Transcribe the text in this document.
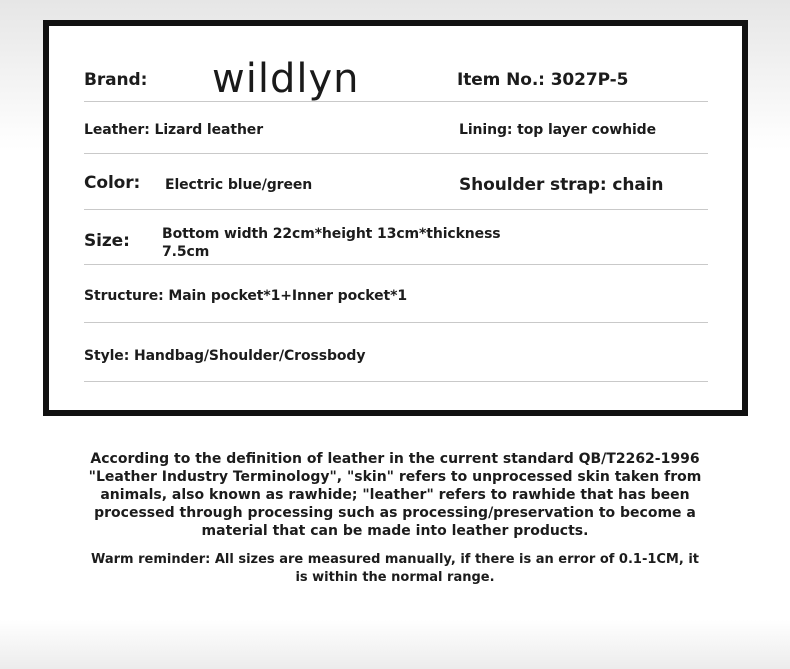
Brand: wildlyn	Item No.: 3027P-5
Leather: Lizard leather	Lining: top layer cowhide
Color: Electric blue/green	Shoulder strap: chain
Size: Bottom width 22cm*height 13cm*thickness
7.5cm
Structure: Main pocket*1+Inner pocket*1
Style: Handbag/Shoulder/Crossbody
According to the definition of leather in the current standard QB/T2262-1996 "Leather Industry Terminology", "skin" refers to unprocessed skin taken from animals, also known as rawhide; "leather" refers to rawhide that has been processed through processing such as processing/preservation to become a material that can be made into leather products.
Warm reminder: All sizes are measured manually, if there is an error of 0.1-1CM, it is within the normal range.
